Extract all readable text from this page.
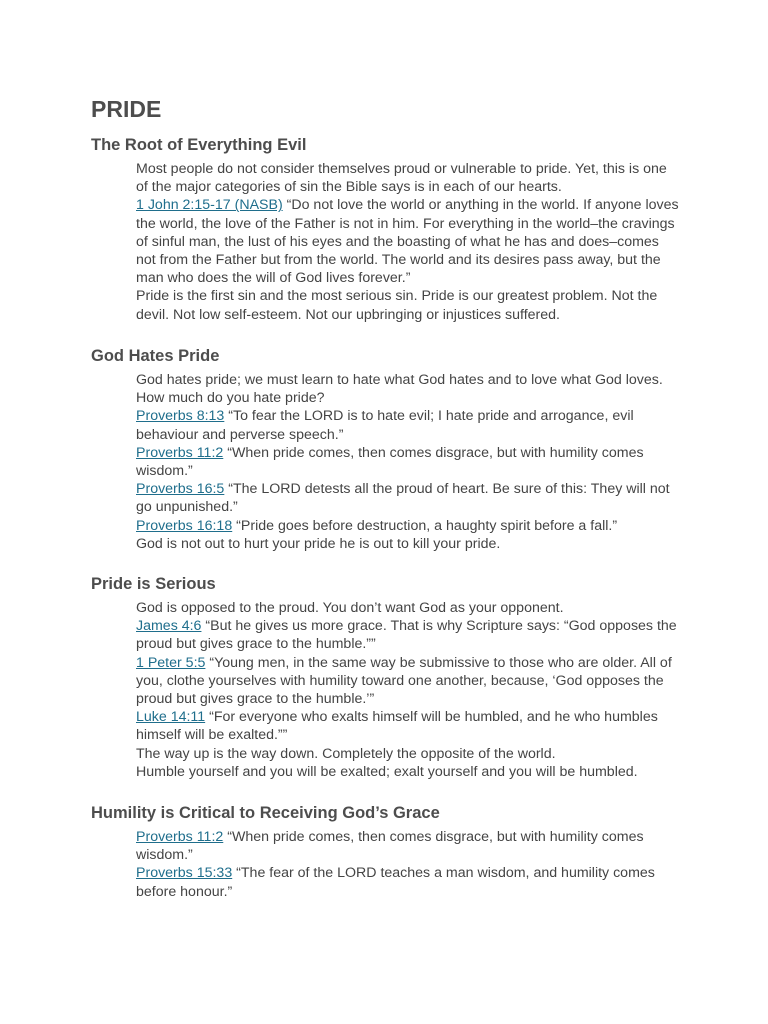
PRIDE
The Root of Everything Evil

Most people do not consider themselves proud or vulnerable to pride. Yet, this is one of the major categories of sin the Bible says is in each of our hearts.

1 John 2:15-17 (NASB) “Do not love the world or anything in the world. If anyone loves the world, the love of the Father is not in him. For everything in the world–the cravings of sinful man, the lust of his eyes and the boasting of what he has and does–comes not from the Father but from the world. The world and its desires pass away, but the man who does the will of God lives forever.”

Pride is the first sin and the most serious sin. Pride is our greatest problem. Not the devil. Not low self-esteem. Not our upbringing or injustices suffered.

God Hates Pride

God hates pride; we must learn to hate what God hates and to love what God loves. How much do you hate pride?

Proverbs 8:13 “To fear the LORD is to hate evil; I hate pride and arrogance, evil behaviour and perverse speech.”

Proverbs 11:2 “When pride comes, then comes disgrace, but with humility comes wisdom.”

Proverbs 16:5 “The LORD detests all the proud of heart. Be sure of this: They will not go unpunished.”

Proverbs 16:18 “Pride goes before destruction, a haughty spirit before a fall.”

God is not out to hurt your pride he is out to kill your pride.

Pride is Serious

God is opposed to the proud. You don’t want God as your opponent.

James 4:6 “But he gives us more grace. That is why Scripture says: “God opposes the proud but gives grace to the humble.””

1 Peter 5:5 “Young men, in the same way be submissive to those who are older. All of you, clothe yourselves with humility toward one another, because, ‘God opposes the proud but gives grace to the humble.’”

Luke 14:11 “For everyone who exalts himself will be humbled, and he who humbles himself will be exalted.””

The way up is the way down. Completely the opposite of the world.

Humble yourself and you will be exalted; exalt yourself and you will be humbled.

Humility is Critical to Receiving God’s Grace

Proverbs 11:2 “When pride comes, then comes disgrace, but with humility comes wisdom.”

Proverbs 15:33 “The fear of the LORD teaches a man wisdom, and humility comes before honour.”
